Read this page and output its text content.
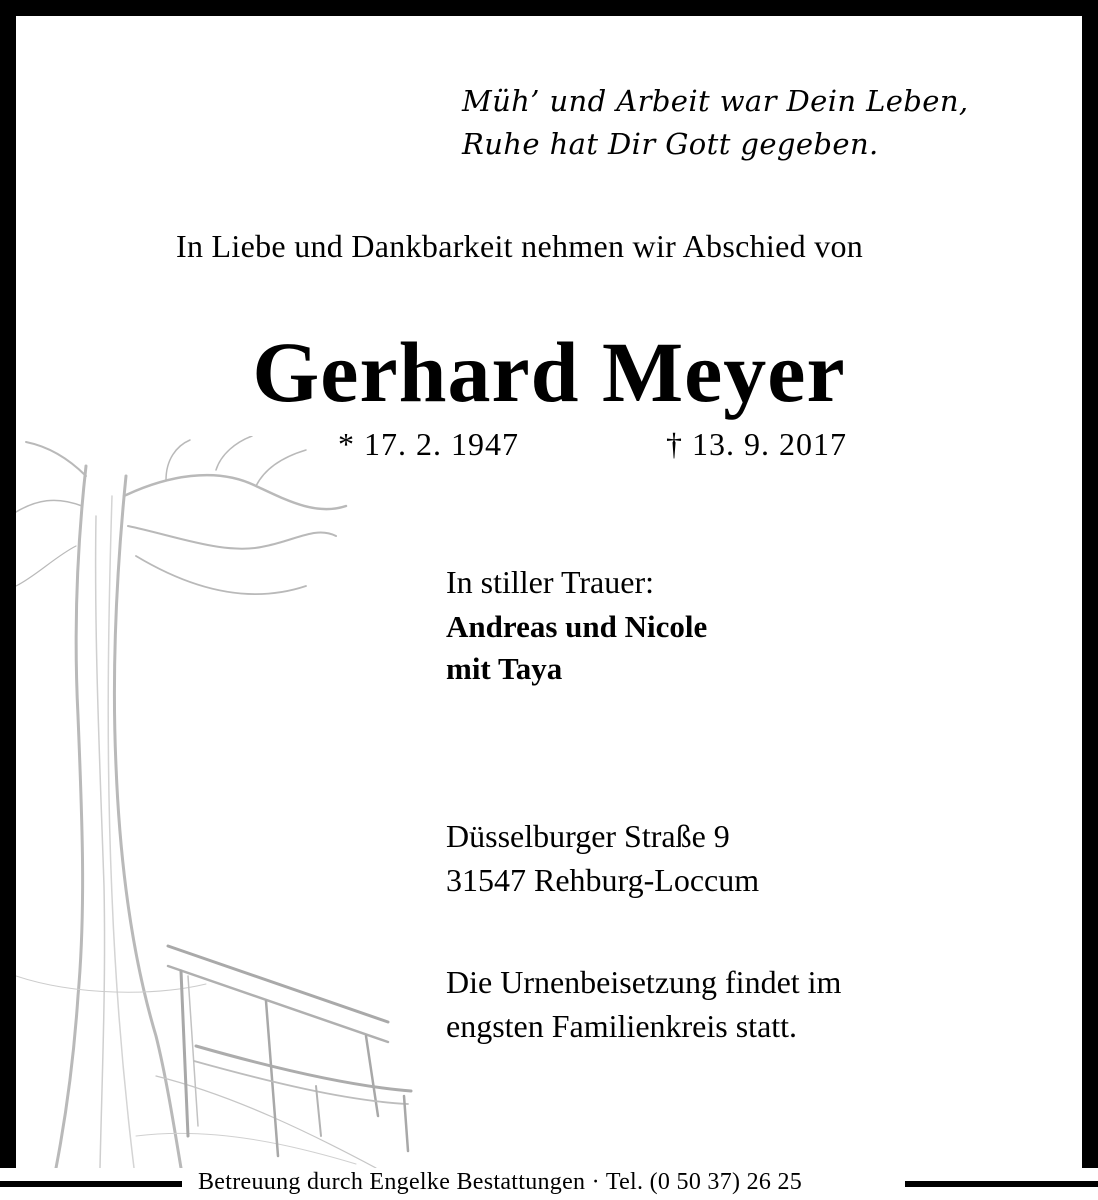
Müh’ und Arbeit war Dein Leben,
Ruhe hat Dir Gott gegeben.

In Liebe und Dankbarkeit nehmen wir Abschied von

Gerhard Meyer
* 17. 2. 1947	† 13. 9. 2017

In stiller Trauer:

Andreas und Nicole
mit Taya

Düsselburger Straße 9
31547 Rehburg-Loccum

Die Urnenbeisetzung findet im
engsten Familienkreis statt.

Betreuung durch Engelke Bestattungen · Tel. (0 50 37) 26 25
